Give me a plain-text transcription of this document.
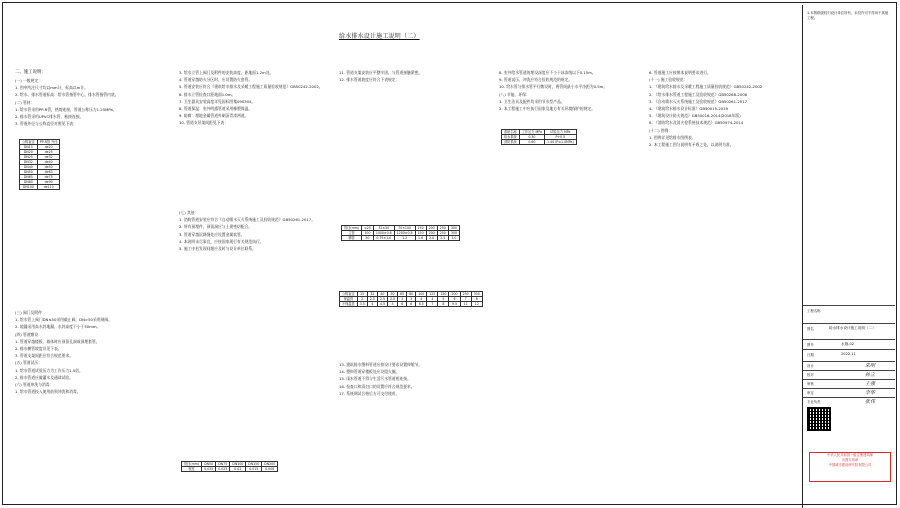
给水排水设计施工说明（二）
二、施工说明：
(一) 一般规定：
1. 图中所注尺寸均以mm计，标高以m计。
2. 给水、排水管道标高：给水管指管中心，排水管指管内底。
(二) 管材：
1. 给水管采用PP-R管，热熔连接，管道公称压力1.25MPa。
2. 排水管采用UPVC排水管，粘接连接。
3. 管道外径与公称直径对照见下表：
公称直径	PP-R管 外径
DN15	de20
DN20	de25
DN25	de32
DN32	de40
DN40	de50
DN50	de63
DN65	de75
DN80	de90
DN100	de110
(三) 阀门及附件：
1. 给水管上阀门DN≤50采用截止阀，DN>50采用闸阀。
2. 地漏采用高水封地漏，水封高度不小于50mm。
(四) 管道敷设：
1. 管道穿越楼板、墙体时应预留孔洞或预埋套管。
2. 排水横管坡度详见下表。
3. 管道支架间距应符合规范要求。
(五) 管道试压：
1. 给水管道试验压力为工作压力1.5倍。
2. 排水管道应做灌水及通球试验。
(六) 管道冲洗与消毒：
1. 给水管道投入使用前须冲洗和消毒。
3. 给水立管上阀门及附件的安装高度，距地面1.2m处。
4. 管道穿越防火分区时，应设置防火套管。
5. 管道安装应符合《建筑给水排水及采暖工程施工质量验收规范》GB50242-2002。
6. 排水立管检查口距地面1.0m。
7. 卫生器具安装高度详见国标图集09S304。
8. 管道保温：室外明露管道采用橡塑保温。
9. 防腐：埋地金属管道外刷沥青漆两道。
10. 管道支吊架间距见下表：
管径(mm)	DN50	DN75	DN100	DN150	DN200
坡度	0.035	0.025	0.02	0.015	0.008
(七) 其他：
1. 消防管道安装应符合《自动喷水灭火系统施工及验收规范》GB50261-2017。
2. 所有预埋件、预留洞应与土建密切配合。
3. 管道穿越沉降缝处应设置金属软管。
4. 本说明未尽事宜，应按国家现行有关规范执行。
5. 施工中若发现问题应及时与设计单位联系。
11. 管道支架安装应平整牢固，与管道接触紧密。
12. 排水管道坡度应符合下表规定：
管径(mm)	≤25	32×50	70×100	150	200	250	300
立管	100	1000×0.6	1200×0.8	150	200	250	300
横管	50	0.75×1.0	1.2	1.6	2.0	2.5	3.0
公称直径	25	32	40	50	65	80	100	125	150	200	250	300
保温管	2	2.5	2.5	2.5	3	3	4	4	5	6	7	8
不保温管	3.5	4	4.5	5	6	6	6.5	7	8	9.5	11	12
13. 建筑排水塑料管道应按设计要求设置伸缩节。
14. 塑料管道穿楼板处应设阻火圈。
15. 雨水管道不得与生活污水管道相连接。
16. 检查口和清扫口的设置应符合规范要求。
17. 系统调试合格后方可交付使用。
8. 室外给水管道的埋设深度应不小于冰冻线以下0.15m。
9. 管道试压、冲洗应符合验收规范的规定。
10. 给水管与排水管平行敷设时，两管间最小水平净距为0.5m。
(八) 节能、环保：
1. 卫生洁具及配件均采用节水型产品。
2. 本工程施工中应执行国家及地方有关环境保护的规定。
系统名称	工作压力 MPa	试验压力 MPa
给水系统	0.30	P+0.5
消防系统	0.60	1.40 (P≤1.0MPa)
6. 管道施工应按照本说明要求进行。
(十一) 施工验收规范：
1. 《建筑给水排水及采暖工程施工质量验收规范》GB50242-2002
2. 《给水排水管道工程施工及验收规范》GB50268-2008
3. 《自动喷水灭火系统施工及验收规范》GB50261-2017
4. 《建筑给水排水设计标准》GB50015-2019
5. 《建筑设计防火规范》GB50016-2014(2018年版)
6. 《消防给水及消火栓系统技术规范》GB50974-2014
(十二) 图例：
1. 图例详见给排水图例表。
2. 本工程施工图与说明有矛盾之处，以说明为准。
1.本图纸版权归设计单位所有，未经许可不得用于其他工程。
工程名称
图名	给水排水设计施工说明（二）
图号	水施-02
日期	2022.11
设计	朱明
校对	孙立
审核	王强
审定	李华
专业负责	张伟
中华人民共和国一级注册建筑师
出图专用章
中国城市建设研究院有限公司
